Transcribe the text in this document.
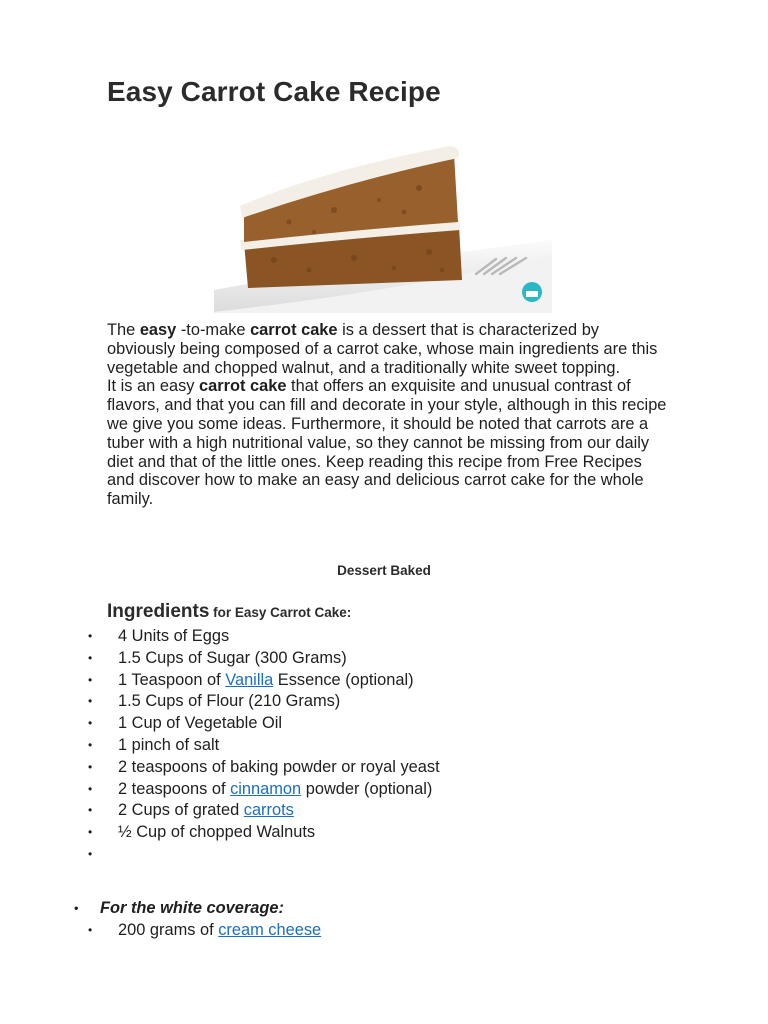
Easy Carrot Cake Recipe

The easy -to-make carrot cake is a dessert that is characterized by obviously being composed of a carrot cake, whose main ingredients are this vegetable and chopped walnut, and a traditionally white sweet topping.

It is an easy carrot cake that offers an exquisite and unusual contrast of flavors, and that you can fill and decorate in your style, although in this recipe we give you some ideas. Furthermore, it should be noted that carrots are a tuber with a high nutritional value, so they cannot be missing from our daily diet and that of the little ones. Keep reading this recipe from Free Recipes and discover how to make an easy and delicious carrot cake for the whole family.

Dessert Baked
Ingredients for Easy Carrot Cake:
• 4 Units of Eggs
• 1.5 Cups of Sugar (300 Grams)
• 1 Teaspoon of Vanilla Essence (optional)
• 1.5 Cups of Flour (210 Grams)
• 1 Cup of Vegetable Oil
• 1 pinch of salt
• 2 teaspoons of baking powder or royal yeast
• 2 teaspoons of cinnamon powder (optional)
• 2 Cups of grated carrots
• ½ Cup of chopped Walnuts
•
• For the white coverage:
• 200 grams of cream cheese
